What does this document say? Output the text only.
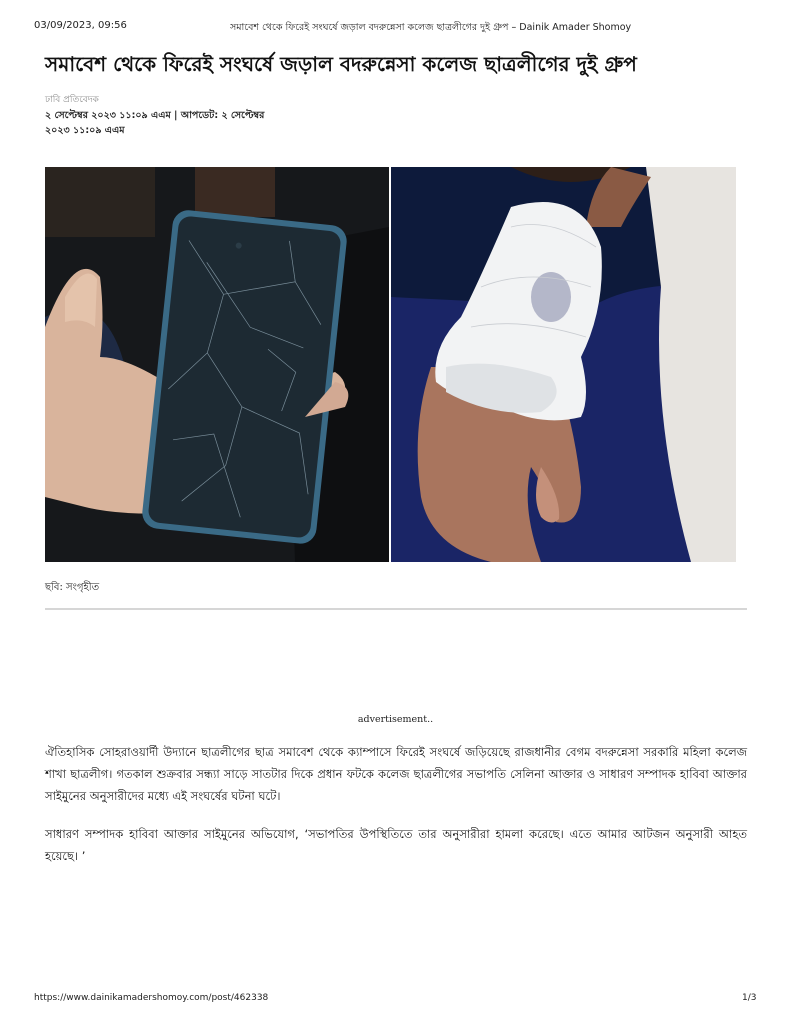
03/09/2023, 09:56	সমাবেশ থেকে ফিরেই সংঘর্ষে জড়াল বদরুন্নেসা কলেজ ছাত্রলীগের দুই গ্রুপ – Dainik Amader Shomoy
সমাবেশ থেকে ফিরেই সংঘর্ষে জড়াল বদরুন্নেসা কলেজ ছাত্রলীগের দুই গ্রুপ
ঢাবি প্রতিবেদক
২ সেপ্টেম্বর ২০২৩ ১১:০৯ এএম | আপডেট: ২ সেপ্টেম্বর ২০২৩ ১১:০৯ এএম
ছবি: সংগৃহীত
advertisement..

ঐতিহাসিক সোহরাওয়ার্দী উদ্যানে ছাত্রলীগের ছাত্র সমাবেশ থেকে ক্যাম্পাসে ফিরেই সংঘর্ষে জড়িয়েছে রাজধানীর বেগম বদরুন্নেসা সরকারি মহিলা কলেজ শাখা ছাত্রলীগ। গতকাল শুক্রবার সন্ধ্যা সাড়ে সাতটার দিকে প্রধান ফটকে কলেজ ছাত্রলীগের সভাপতি সেলিনা আক্তার ও সাধারণ সম্পাদক হাবিবা আক্তার সাইমুনের অনুসারীদের মধ্যে এই সংঘর্ষের ঘটনা ঘটে।

সাধারণ সম্পাদক হাবিবা আক্তার সাইমুনের অভিযোগ, ‘সভাপতির উপস্থিতিতে তার অনুসারীরা হামলা করেছে। এতে আমার আটজন অনুসারী আহত হয়েছে। ’

https://www.dainikamadershomoy.com/post/462338	1/3
